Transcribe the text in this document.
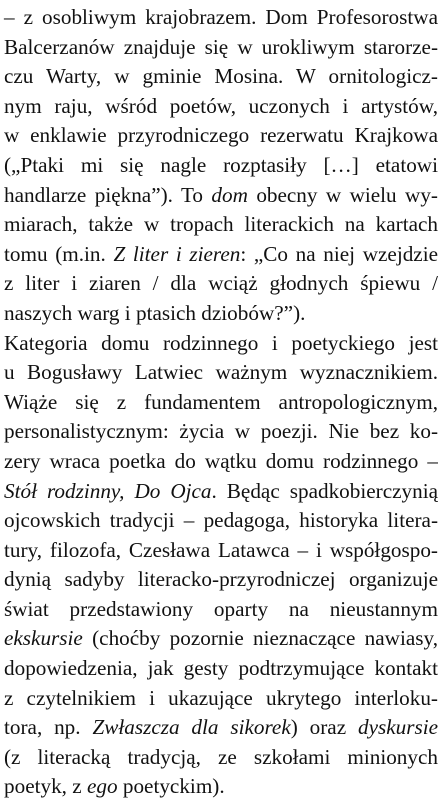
– z osobliwym krajobrazem. Dom Profesorostwa
Balcerzanów znajduje się w urokliwym starorze-
czu Warty, w gminie Mosina. W ornitologicz-
nym raju, wśród poetów, uczonych i artystów,
w enklawie przyrodniczego rezerwatu Krajkowa
(„Ptaki mi się nagle rozptasiły […] etatowi
handlarze piękna”). To dom obecny w wielu wy-
miarach, także w tropach literackich na kartach
tomu (m.in. Z liter i zieren: „Co na niej wzejdzie
z liter i ziaren / dla wciąż głodnych śpiewu /
naszych warg i ptasich dziobów?”).
Kategoria domu rodzinnego i poetyckiego jest
u Bogusławy Latwiec ważnym wyznacznikiem.
Wiąże się z fundamentem antropologicznym,
personalistycznym: życia w poezji. Nie bez ko-
zery wraca poetka do wątku domu rodzinnego –
Stół rodzinny, Do Ojca. Będąc spadkobierczynią
ojcowskich tradycji – pedagoga, historyka litera-
tury, filozofa, Czesława Latawca – i współgospo-
dynią sadyby literacko-przyrodniczej organizuje
świat przedstawiony oparty na nieustannym
ekskursie (choćby pozornie nieznaczące nawiasy,
dopowiedzenia, jak gesty podtrzymujące kontakt
z czytelnikiem i ukazujące ukrytego interloku-
tora, np. Zwłaszcza dla sikorek) oraz dyskursie
(z literacką tradycją, ze szkołami minionych
poetyk, z ego poetyckim).
